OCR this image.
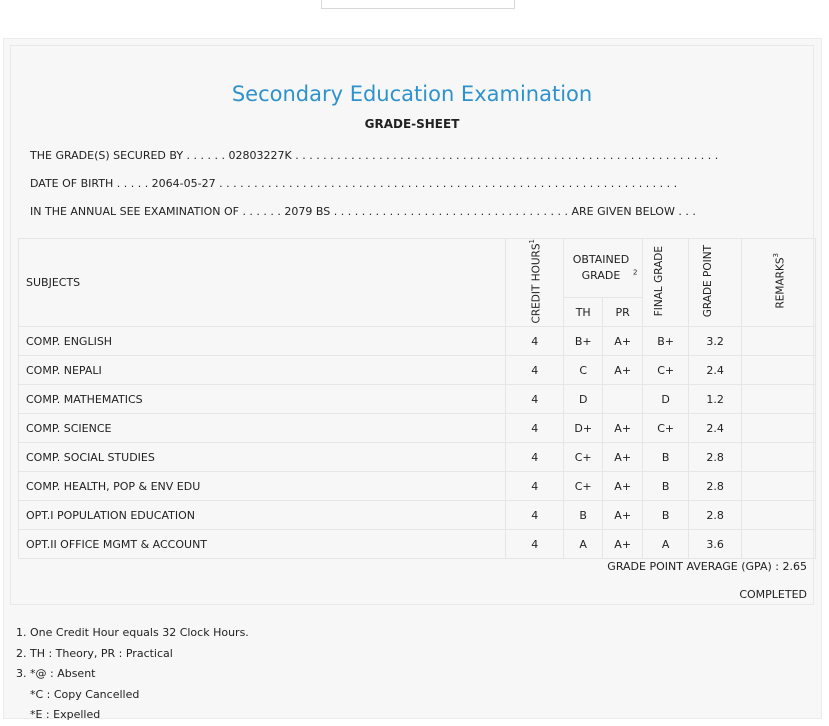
Secondary Education Examination
GRADE-SHEET
THE GRADE(S) SECURED BY . . . . . . 02803227K . . . . . . . . . . . . . . . . . . . . . . . . . . . . . . . . . . . . . . . . . . . . . . . . . . . . . . . . . . . . .
DATE OF BIRTH . . . . . 2064-05-27 . . . . . . . . . . . . . . . . . . . . . . . . . . . . . . . . . . . . . . . . . . . . . . . . . . . . . . . . . . . . . . . . . .
IN THE ANNUAL SEE EXAMINATION OF . . . . . . 2079 BS . . . . . . . . . . . . . . . . . . . . . . . . . . . . . . . . . . ARE GIVEN BELOW . . .
SUBJECTS	CREDIT HOURS$^1$	OBTAINED GRADE $^2$		FINAL GRADE	GRADE POINT	REMARKS$^3$
		TH	PR			
COMP. ENGLISH	4	B+	A+	B+	3.2	
COMP. NEPALI	4	C	A+	C+	2.4	
COMP. MATHEMATICS	4	D		D	1.2	
COMP. SCIENCE	4	D+	A+	C+	2.4	
COMP. SOCIAL STUDIES	4	C+	A+	B	2.8	
COMP. HEALTH, POP & ENV EDU	4	C+	A+	B	2.8	
OPT.I POPULATION EDUCATION	4	B	A+	B	2.8	
OPT.II OFFICE MGMT & ACCOUNT	4	A	A+	A	3.6	
GRADE POINT AVERAGE (GPA) : 2.65
COMPLETED
1. One Credit Hour equals 32 Clock Hours.
2. TH : Theory, PR : Practical
3. *@ : Absent
*C : Copy Cancelled
*E : Expelled
